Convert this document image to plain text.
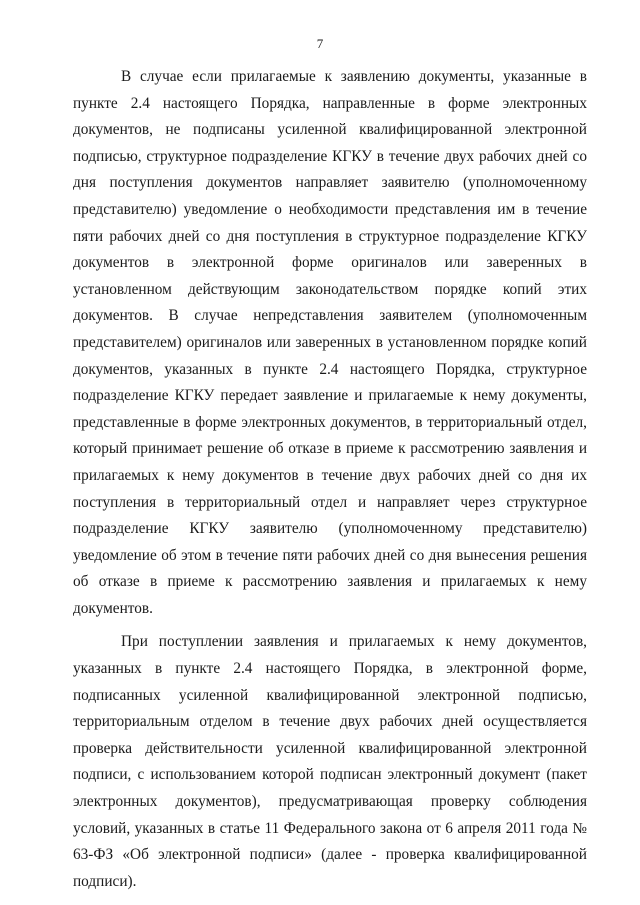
7

В случае если прилагаемые к заявлению документы, указанные в пункте 2.4 настоящего Порядка, направленные в форме электронных документов, не подписаны усиленной квалифицированной электронной подписью, структурное подразделение КГКУ в течение двух рабочих дней со дня поступления документов направляет заявителю (уполномоченному представителю) уведомление о необходимости представления им в течение пяти рабочих дней со дня поступления в структурное подразделение КГКУ документов в электронной форме оригиналов или заверенных в установленном действующим законодательством порядке копий этих документов. В случае непредставления заявителем (уполномоченным представителем) оригиналов или заверенных в установленном порядке копий документов, указанных в пункте 2.4 настоящего Порядка, структурное подразделение КГКУ передает заявление и прилагаемые к нему документы, представленные в форме электронных документов, в территориальный отдел, который принимает решение об отказе в приеме к рассмотрению заявления и прилагаемых к нему документов в течение двух рабочих дней со дня их поступления в территориальный отдел и направляет через структурное подразделение КГКУ заявителю (уполномоченному представителю) уведомление об этом в течение пяти рабочих дней со дня вынесения решения об отказе в приеме к рассмотрению заявления и прилагаемых к нему документов.

При поступлении заявления и прилагаемых к нему документов, указанных в пункте 2.4 настоящего Порядка, в электронной форме, подписанных усиленной квалифицированной электронной подписью, территориальным отделом в течение двух рабочих дней осуществляется проверка действительности усиленной квалифицированной электронной подписи, с использованием которой подписан электронный документ (пакет электронных документов), предусматривающая проверку соблюдения условий, указанных в статье 11 Федерального закона от 6 апреля 2011 года № 63-ФЗ «Об электронной подписи» (далее - проверка квалифицированной подписи).
